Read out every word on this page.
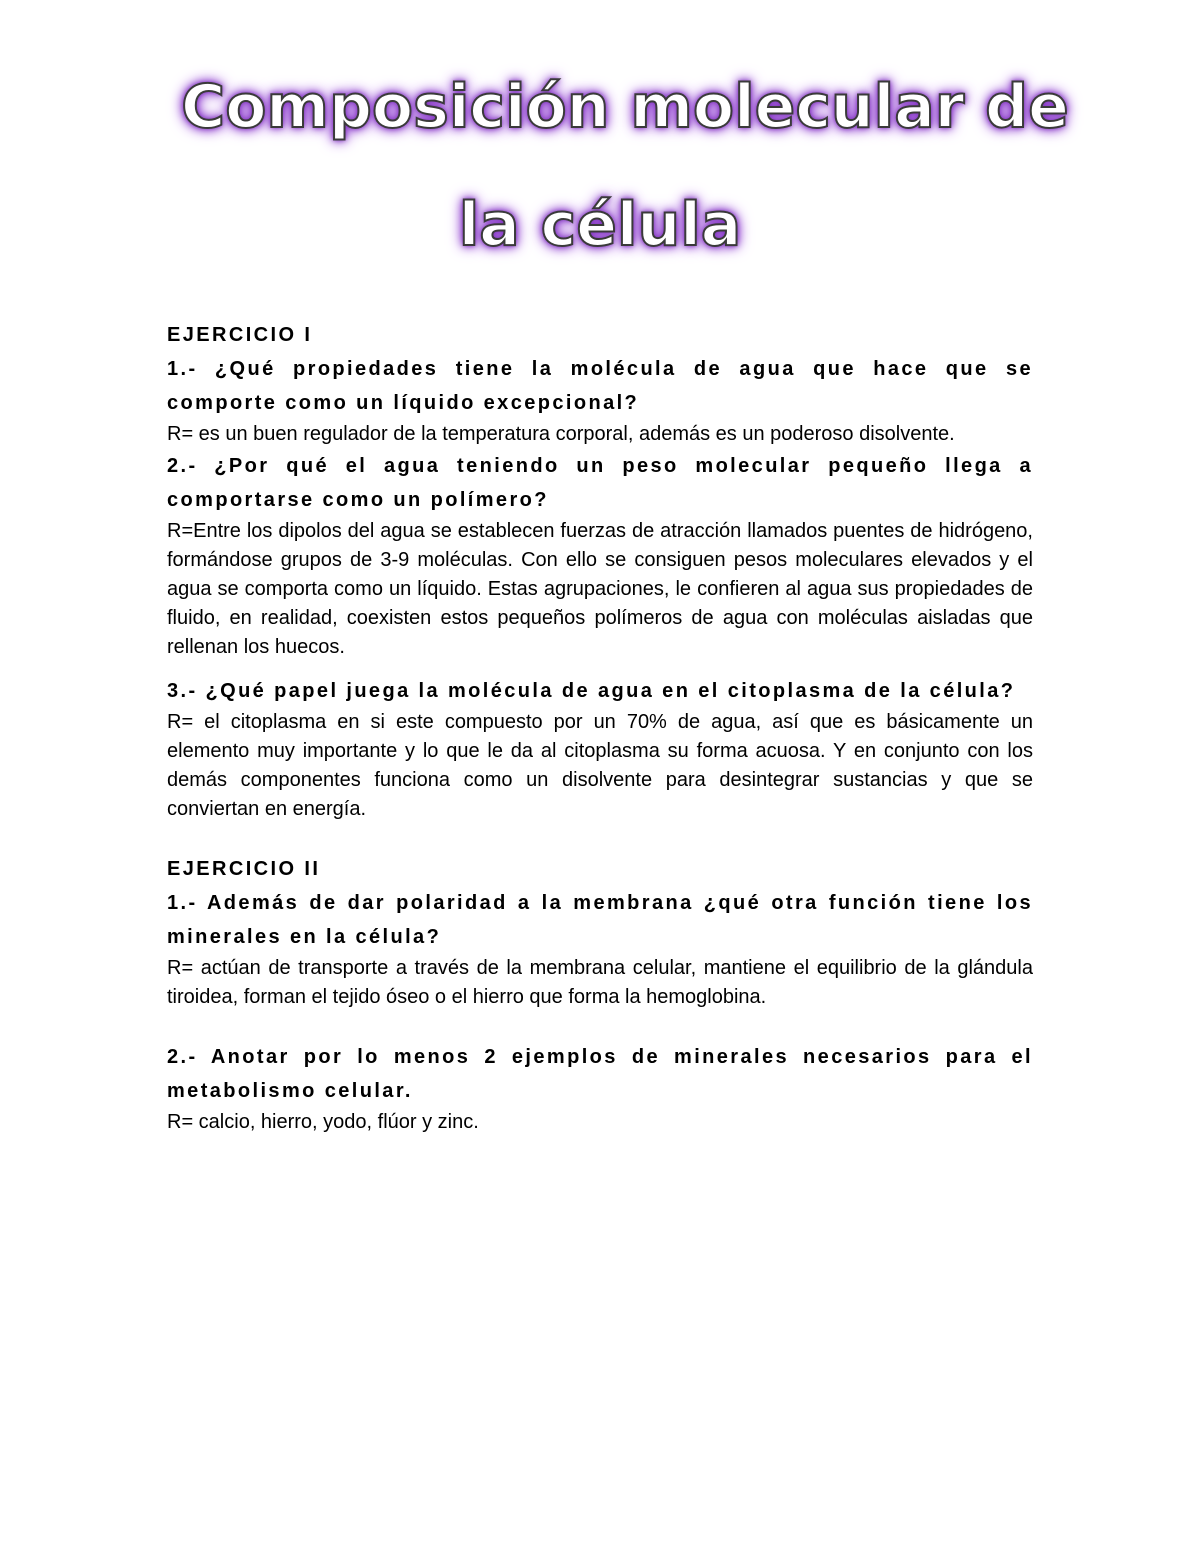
Composición molecular de
la célula

EJERCICIO I

1.- ¿Qué propiedades tiene la molécula de agua que hace que se comporte como un líquido excepcional?

R= es un buen regulador de la temperatura corporal, además es un poderoso disolvente.

2.- ¿Por qué el agua teniendo un peso molecular pequeño llega a comportarse como un polímero?

R=Entre los dipolos del agua se establecen fuerzas de atracción llamados puentes de hidrógeno, formándose grupos de 3-9 moléculas. Con ello se consiguen pesos moleculares elevados y el agua se comporta como un líquido. Estas agrupaciones, le confieren al agua sus propiedades de fluido, en realidad, coexisten estos pequeños polímeros de agua con moléculas aisladas que rellenan los huecos.

3.- ¿Qué papel juega la molécula de agua en el citoplasma de la célula?

R= el citoplasma en si este compuesto por un 70% de agua, así que es básicamente un elemento muy importante y lo que le da al citoplasma su forma acuosa. Y en conjunto con los demás componentes funciona como un disolvente para desintegrar sustancias y que se conviertan en energía.

EJERCICIO II

1.- Además de dar polaridad a la membrana ¿qué otra función tiene los minerales en la célula?

R= actúan de transporte a través de la membrana celular, mantiene el equilibrio de la glándula tiroidea, forman el tejido óseo o el hierro que forma la hemoglobina.

2.- Anotar por lo menos 2 ejemplos de minerales necesarios para el metabolismo celular.

R= calcio, hierro, yodo, flúor y zinc.
